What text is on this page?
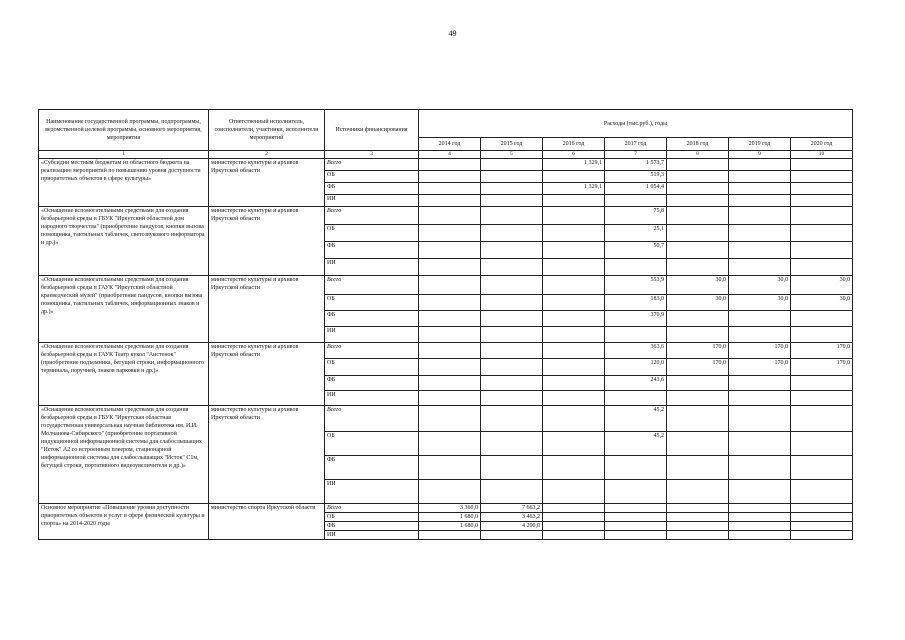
49
Наименование государственной программы, подпрограммы, ведомственной целевой программы, основного мероприятия, мероприятия	Ответственный исполнитель, соисполнители, участники, исполнители мероприятий	Источники финансирования	Расходы (тыс.руб.), годы						
			2014 год	2015 год	2016 год	2017 год	2018 год	2019 год	2020 год
1	2	3	4	5	6	7	8	9	10
«Субсидии местным бюджетам из областного бюджета на реализацию мероприятий по повышению уровня доступности приоритетных объектов в сфере культуры»	министерство культуры и архивов Иркутской области	Всего			1 329,1	1 573,7			
		ОБ				519,3			
		ФБ			1 329,1	1 054,4			
		ИИ							
«Оснащение вспомогательными средствами для создания безбарьерной среды в ГБУК "Иркутский областной дом народного творчества" (приобретение пандусов, кнопки вызова помощника, тактильных табличек, светозвукового информатора и др.)»	министерство культуры и архивов Иркутской области	Всего				75,8			
		ОБ				25,1			
		ФБ				50,7			
		ИИ							
«Оснащение вспомогательными средствами для создания безбарьерной среды в ГАУК "Иркутский областной краеведческий музей" (приобретение пандусов, кнопки вызова помощника, тактильных табличек, информационных знаков и др.)»	министерство культуры и архивов Иркутской области	Всего				553,9	30,0	30,0	30,0
		ОБ				183,0	30,0	30,0	30,0
		ФБ				370,9			
		ИИ							
«Оснащение вспомогательными средствами для создания безбарьерной среды в ГАУК Театр кукол "Аистенок"(приобретение подъемника, бегущей строки, информационного терминала, поручней, знаков парковки и др.)»	министерство культуры и архивов Иркутской области	Всего				363,6	170,0	170,0	170,0
		ОБ				120,0	170,0	170,0	170,0
		ФБ				243,6			
		ИИ							
«Оснащение вспомогательными средствами для создания безбарьерной среды в ГБУК "Иркутская областная государственная универсальная научная библиотека им. И.И. Молчанова-Сибирского" (приобретение портативной индукционной информационной системы для слабослышащих "Исток" А2 со встроенным плеером, стационарной информационной системы для слабослышащих "Исток" С1м, бегущей строки, портативного видеоувеличителя и др.)»	министерство культуры и архивов Иркутской области	Всего				45,2			
		ОБ				45,2			
		ФБ							
		ИИ							
Основное мероприятие «Повышение уровня доступности приоритетных объектов и услуг в сфере физической культуры и спорта» на 2014-2020 годы	министерство спорта Иркутской области	Всего	3 360,0	7 663,2					
		ОБ	1 680,0	3 463,2					
		ФБ	1 680,0	4 200,0					
		ИИ							
